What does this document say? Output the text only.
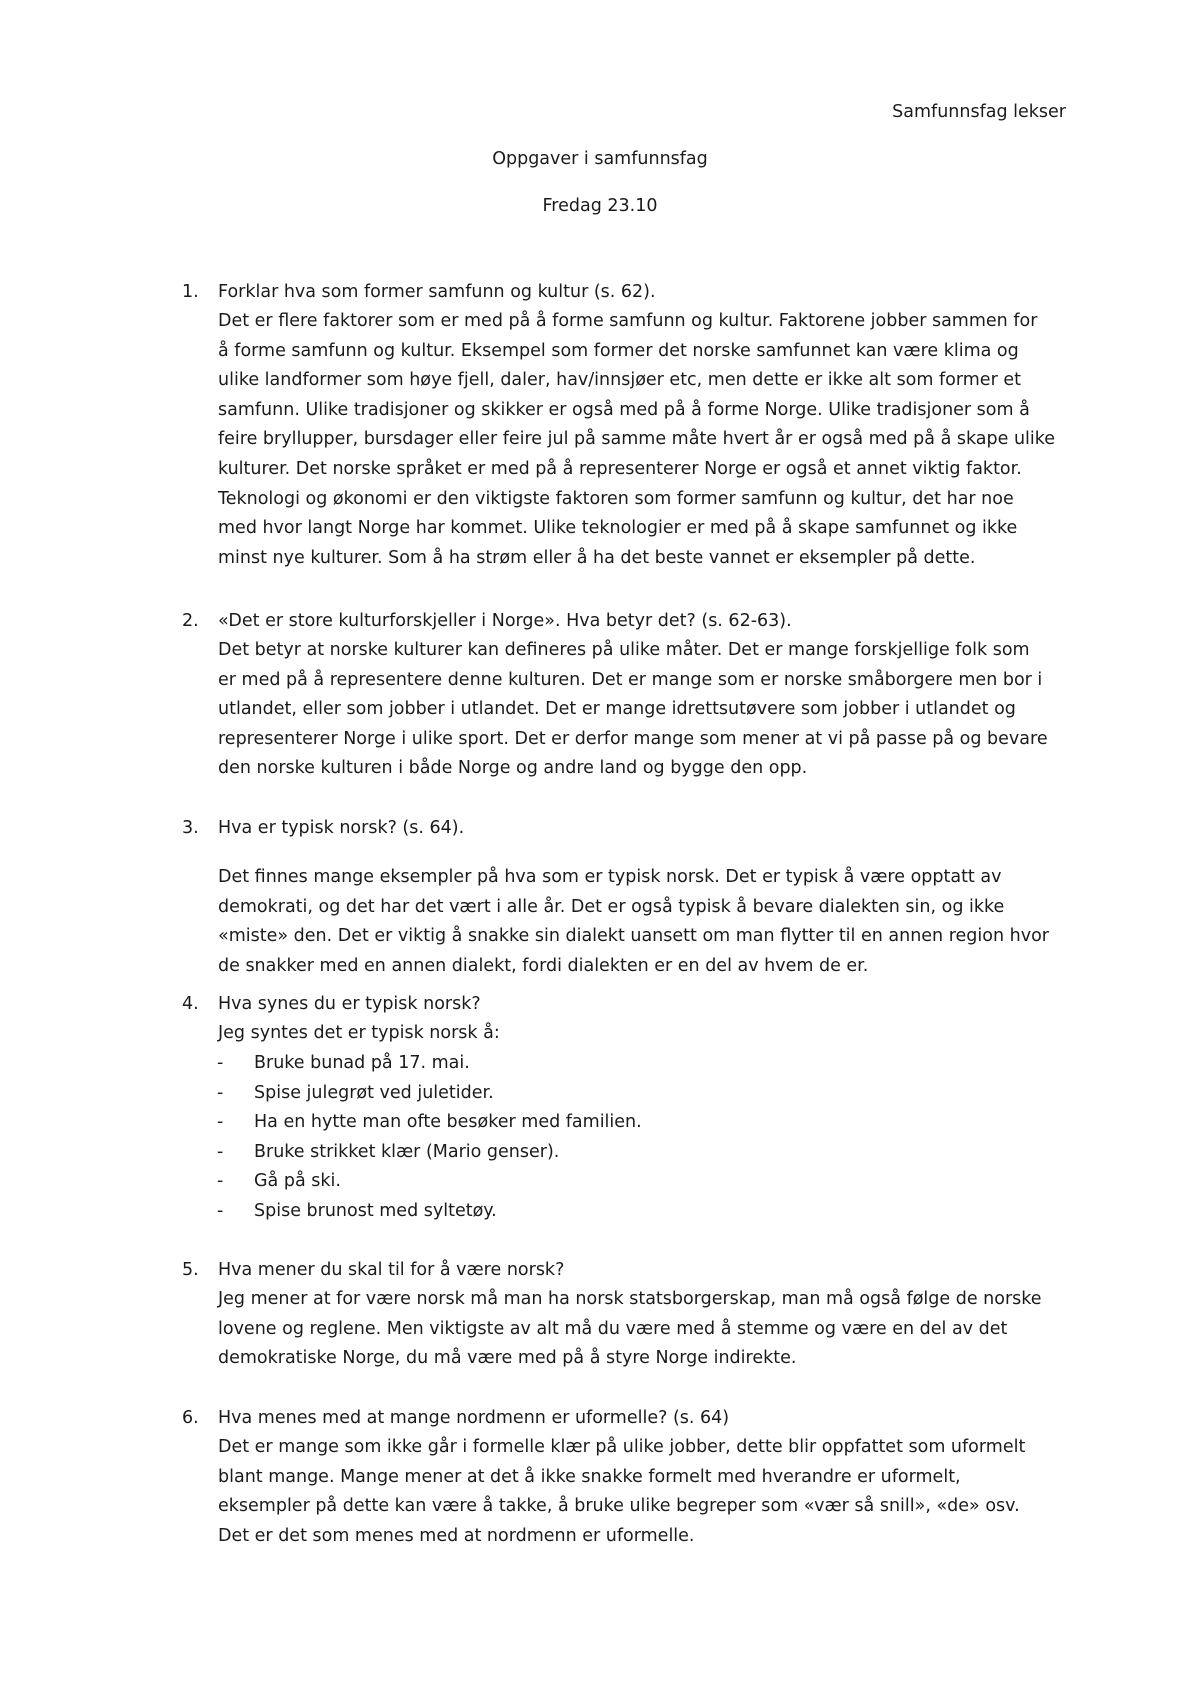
Samfunnsfag lekser
Oppgaver i samfunnsfag
Fredag 23.10
1.	Forklar hva som former samfunn og kultur (s. 62).
Det er flere faktorer som er med på å forme samfunn og kultur. Faktorene jobber sammen for
å forme samfunn og kultur. Eksempel som former det norske samfunnet kan være klima og
ulike landformer som høye fjell, daler, hav/innsjøer etc, men dette er ikke alt som former et
samfunn. Ulike tradisjoner og skikker er også med på å forme Norge. Ulike tradisjoner som å
feire bryllupper, bursdager eller feire jul på samme måte hvert år er også med på å skape ulike
kulturer. Det norske språket er med på å representerer Norge er også et annet viktig faktor.
Teknologi og økonomi er den viktigste faktoren som former samfunn og kultur, det har noe
med hvor langt Norge har kommet. Ulike teknologier er med på å skape samfunnet og ikke
minst nye kulturer. Som å ha strøm eller å ha det beste vannet er eksempler på dette.
2.	«Det er store kulturforskjeller i Norge». Hva betyr det? (s. 62-63).
Det betyr at norske kulturer kan defineres på ulike måter. Det er mange forskjellige folk som
er med på å representere denne kulturen. Det er mange som er norske småborgere men bor i
utlandet, eller som jobber i utlandet. Det er mange idrettsutøvere som jobber i utlandet og
representerer Norge i ulike sport. Det er derfor mange som mener at vi på passe på og bevare
den norske kulturen i både Norge og andre land og bygge den opp.
3.	Hva er typisk norsk? (s. 64).
Det finnes mange eksempler på hva som er typisk norsk. Det er typisk å være opptatt av
demokrati, og det har det vært i alle år. Det er også typisk å bevare dialekten sin, og ikke
«miste» den. Det er viktig å snakke sin dialekt uansett om man flytter til en annen region hvor
de snakker med en annen dialekt, fordi dialekten er en del av hvem de er.
4.	Hva synes du er typisk norsk?
Jeg syntes det er typisk norsk å:
-	Bruke bunad på 17. mai.
-	Spise julegrøt ved juletider.
-	Ha en hytte man ofte besøker med familien.
-	Bruke strikket klær (Mario genser).
-	Gå på ski.
-	Spise brunost med syltetøy.
5.	Hva mener du skal til for å være norsk?
Jeg mener at for være norsk må man ha norsk statsborgerskap, man må også følge de norske
lovene og reglene. Men viktigste av alt må du være med å stemme og være en del av det
demokratiske Norge, du må være med på å styre Norge indirekte.
6.	Hva menes med at mange nordmenn er uformelle? (s. 64)
Det er mange som ikke går i formelle klær på ulike jobber, dette blir oppfattet som uformelt
blant mange. Mange mener at det å ikke snakke formelt med hverandre er uformelt,
eksempler på dette kan være å takke, å bruke ulike begreper som «vær så snill», «de» osv.
Det er det som menes med at nordmenn er uformelle.
